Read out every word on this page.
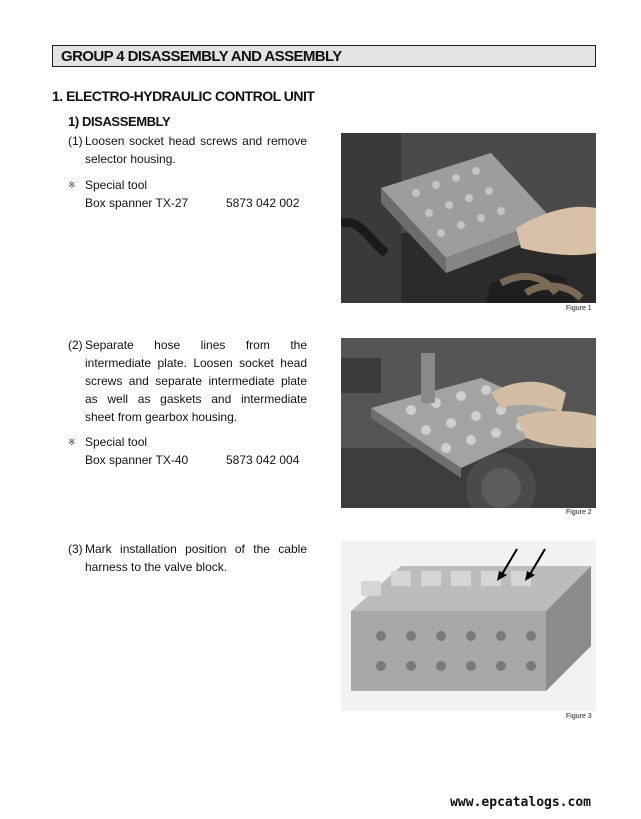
GROUP 4 DISASSEMBLY AND ASSEMBLY
1. ELECTRO-HYDRAULIC CONTROL UNIT
1) DISASSEMBLY
(1) Loosen socket head screws and remove selector housing.
※ Special tool
Box spanner TX-27	5873 042 002
(2) Separate hose lines from the intermediate plate. Loosen socket head screws and separate intermediate plate as well as gaskets and intermediate sheet from gearbox housing.
※ Special tool
Box spanner TX-40	5873 042 004
(3) Mark installation position of the cable harness to the valve block.
Figure 1
Figure 2
Figure 3
www.epcatalogs.com
